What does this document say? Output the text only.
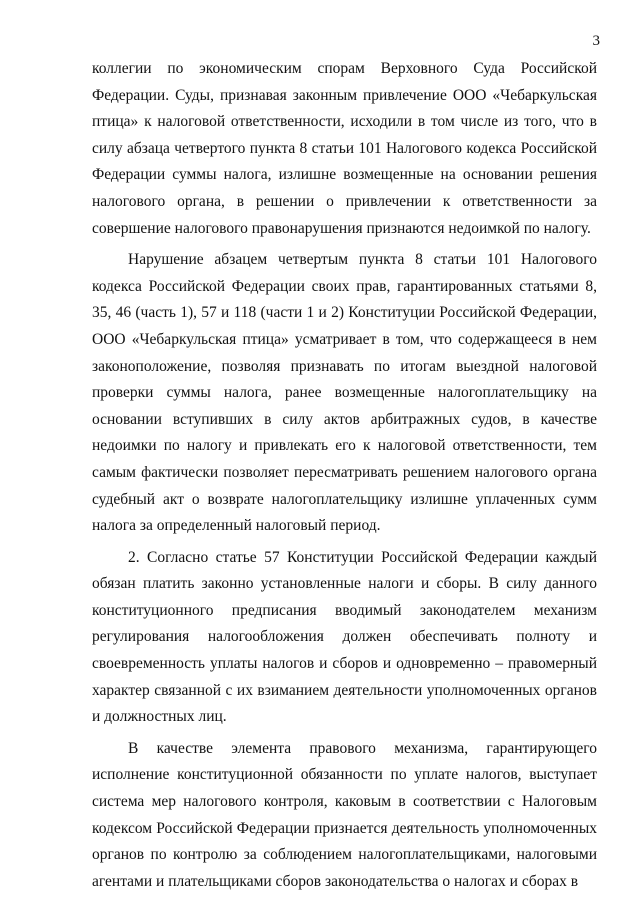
3

коллегии по экономическим спорам Верховного Суда Российской Федерации. Суды, признавая законным привлечение ООО «Чебаркульская птица» к налоговой ответственности, исходили в том числе из того, что в силу абзаца четвертого пункта 8 статьи 101 Налогового кодекса Российской Федерации суммы налога, излишне возмещенные на основании решения налогового органа, в решении о привлечении к ответственности за совершение налогового правонарушения признаются недоимкой по налогу.

Нарушение абзацем четвертым пункта 8 статьи 101 Налогового кодекса Российской Федерации своих прав, гарантированных статьями 8, 35, 46 (часть 1), 57 и 118 (части 1 и 2) Конституции Российской Федерации, ООО «Чебаркульская птица» усматривает в том, что содержащееся в нем законоположение, позволяя признавать по итогам выездной налоговой проверки суммы налога, ранее возмещенные налогоплательщику на основании вступивших в силу актов арбитражных судов, в качестве недоимки по налогу и привлекать его к налоговой ответственности, тем самым фактически позволяет пересматривать решением налогового органа судебный акт о возврате налогоплательщику излишне уплаченных сумм налога за определенный налоговый период.

2. Согласно статье 57 Конституции Российской Федерации каждый обязан платить законно установленные налоги и сборы. В силу данного конституционного предписания вводимый законодателем механизм регулирования налогообложения должен обеспечивать полноту и своевременность уплаты налогов и сборов и одновременно – правомерный характер связанной с их взиманием деятельности уполномоченных органов и должностных лиц.

В качестве элемента правового механизма, гарантирующего исполнение конституционной обязанности по уплате налогов, выступает система мер налогового контроля, каковым в соответствии с Налоговым кодексом Российской Федерации признается деятельность уполномоченных органов по контролю за соблюдением налогоплательщиками, налоговыми агентами и плательщиками сборов законодательства о налогах и сборах в
